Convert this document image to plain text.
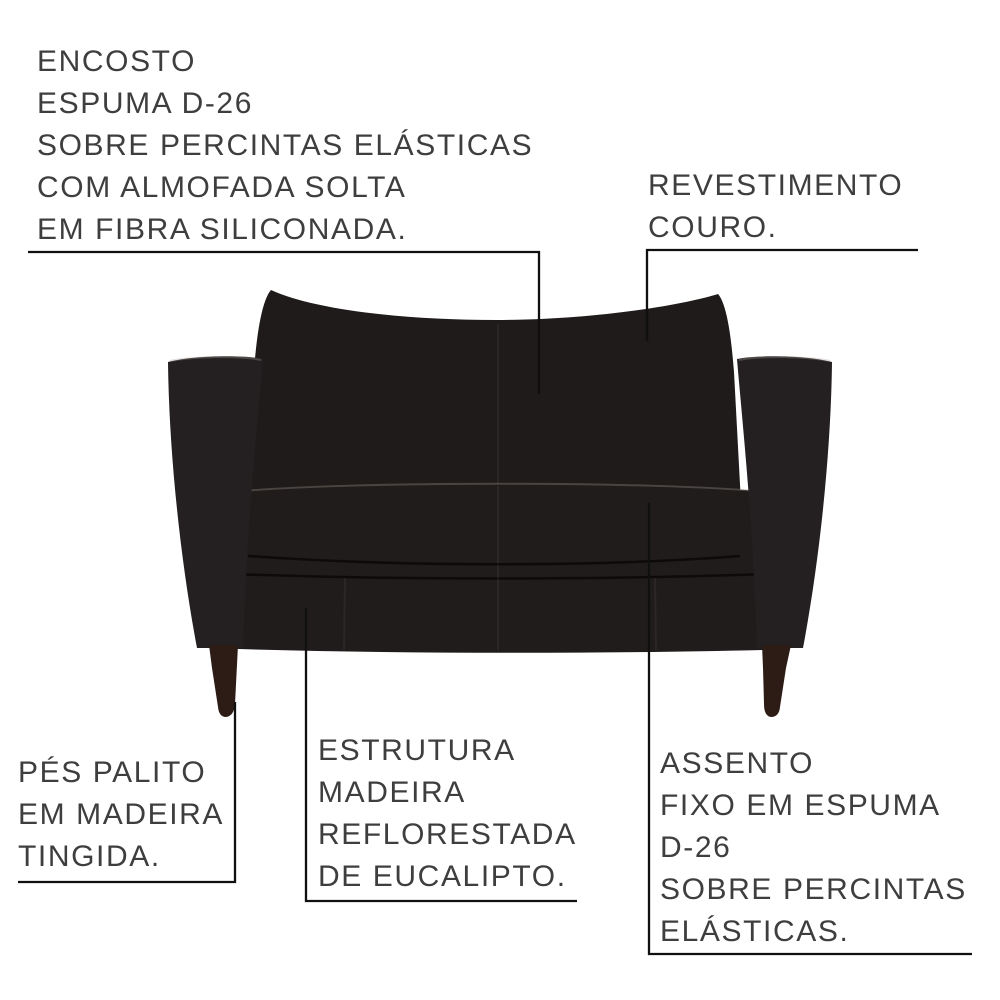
ENCOSTO
ESPUMA D-26
SOBRE PERCINTAS ELÁSTICAS
COM ALMOFADA SOLTA
EM FIBRA SILICONADA.
REVESTIMENTO
COURO.
PÉS PALITO
EM MADEIRA
TINGIDA.
ESTRUTURA
MADEIRA
REFLORESTADA
DE EUCALIPTO.
ASSENTO
FIXO EM ESPUMA
D-26
SOBRE PERCINTAS
ELÁSTICAS.
